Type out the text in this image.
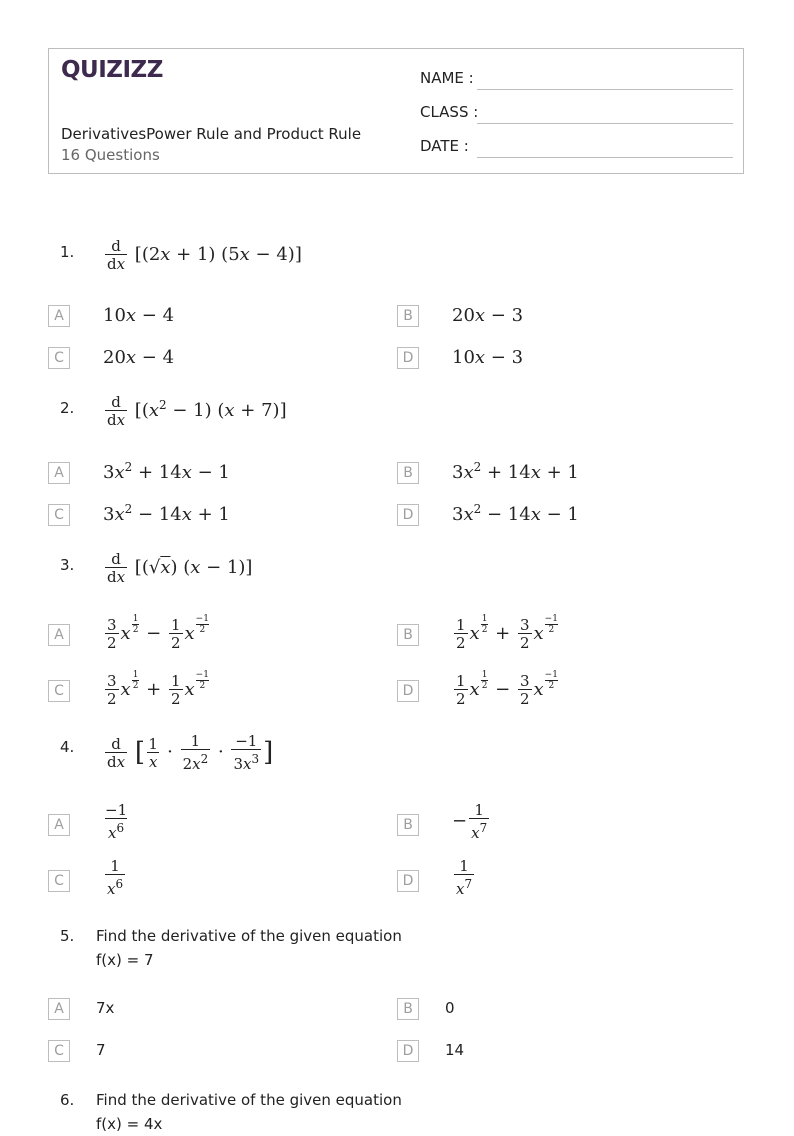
QUIZIZZ
DerivativesPower Rule and Product Rule
16 Questions
NAME :
CLASS :
DATE :
1. $\frac{d}{dx} [(2x + 1) (5x - 4)]$
A	10x − 4	B	20x − 3
C	20x − 4	D	10x − 3
2. $\frac{d}{dx} [(x^2 - 1) (x + 7)]$
A	$3x^2 + 14x - 1$	B	$3x^2 + 14x + 1$
C	$3x^2 - 14x + 1$	D	$3x^2 - 14x - 1$
3. $\frac{d}{dx} [(√x) (x - 1)]$
A	$\frac{3}{2}$ x $\frac{1}{2} - \frac{1}{2}$ x $\frac{-1}{2}$	B	$\frac{1}{2}$ x $\frac{1}{2} + \frac{3}{2}$ x $\frac{-1}{2}$
C	$\frac{3}{2}$ x $\frac{1}{2} + \frac{1}{2}$ x $\frac{-1}{2}$	D	$\frac{1}{2}$ x $\frac{1}{2} - \frac{3}{2}$ x $\frac{-1}{2}$
4. $\frac{d}{dx}$ [ $\frac{1}{x} \cdot \frac{1}{2x^2} \cdot \frac{-1}{3x^3}$ ]
A	$\frac{-1}{x^6}$	B	− $\frac{1}{x^7}$
C	$\frac{1}{x^6}$	D	$\frac{1}{x^7}$
5. Find the derivative of the given equation
f(x) = 7
A	7x	B	0
C	7	D	14
6. Find the derivative of the given equation
f(x) = 4x
